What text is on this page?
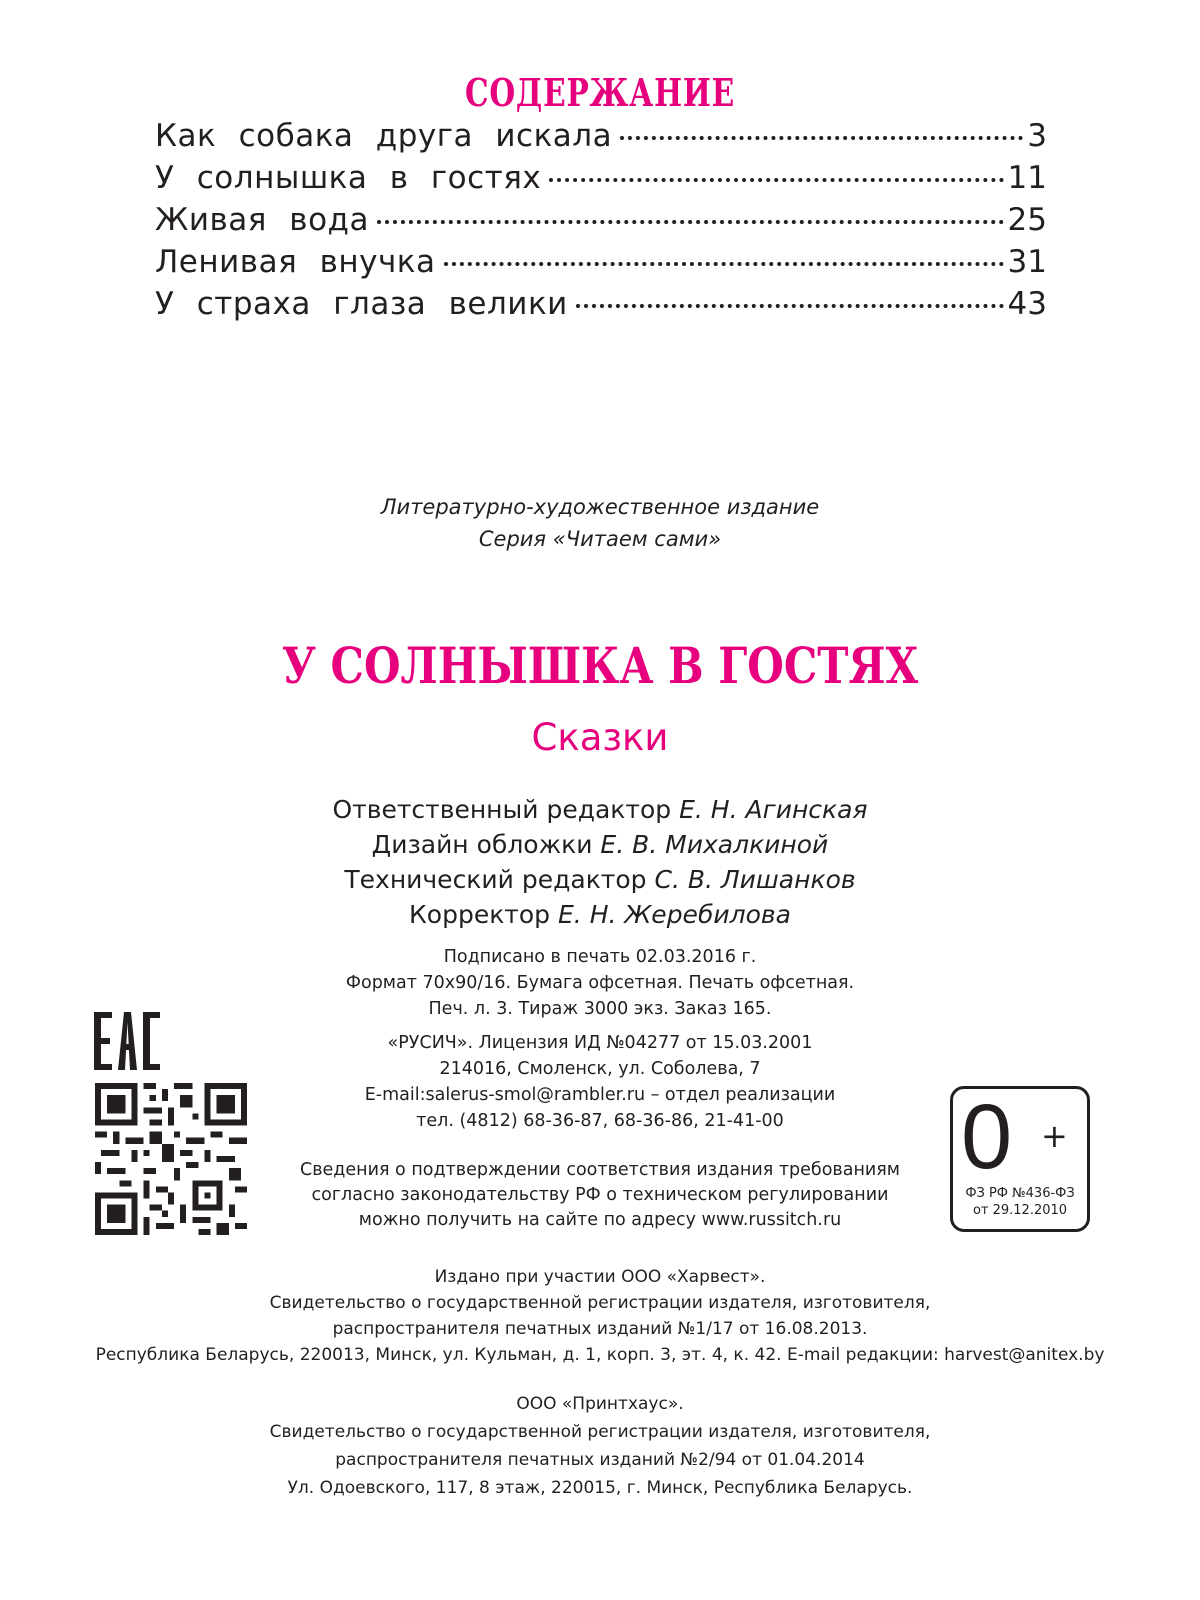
СОДЕРЖАНИЕ
Как собака друга искала	3
У солнышка в гостях	11
Живая вода	25
Ленивая внучка	31
У страха глаза велики	43
Литературно-художественное издание
Серия «Читаем сами»
У СОЛНЫШКА В ГОСТЯХ
Сказки
Ответственный редактор Е. Н. Агинская
Дизайн обложки Е. В. Михалкиной
Технический редактор С. В. Лишанков
Корректор Е. Н. Жеребилова
Подписано в печать 02.03.2016 г.
Формат 70х90/16. Бумага офсетная. Печать офсетная.
Печ. л. 3. Тираж 3000 экз. Заказ 165.
«РУСИЧ». Лицензия ИД №04277 от 15.03.2001
214016, Смоленск, ул. Соболева, 7
E-mail:salerus-smol@rambler.ru – отдел реализации
тел. (4812) 68-36-87, 68-36-86, 21-41-00
Сведения о подтверждении соответствия издания требованиям
согласно законодательству РФ о техническом регулировании
можно получить на сайте по адресу www.russitch.ru
Издано при участии ООО «Харвест».
Свидетельство о государственной регистрации издателя, изготовителя,
распространителя печатных изданий №1/17 от 16.08.2013.
Республика Беларусь, 220013, Минск, ул. Кульман, д. 1, корп. 3, эт. 4, к. 42. E-mail редакции: harvest@anitex.by
ООО «Принтхаус».
Свидетельство о государственной регистрации издателя, изготовителя,
распространителя печатных изданий №2/94 от 01.04.2014
Ул. Одоевского, 117, 8 этаж, 220015, г. Минск, Республика Беларусь.
0 +
ФЗ РФ №436-ФЗ
от 29.12.2010
